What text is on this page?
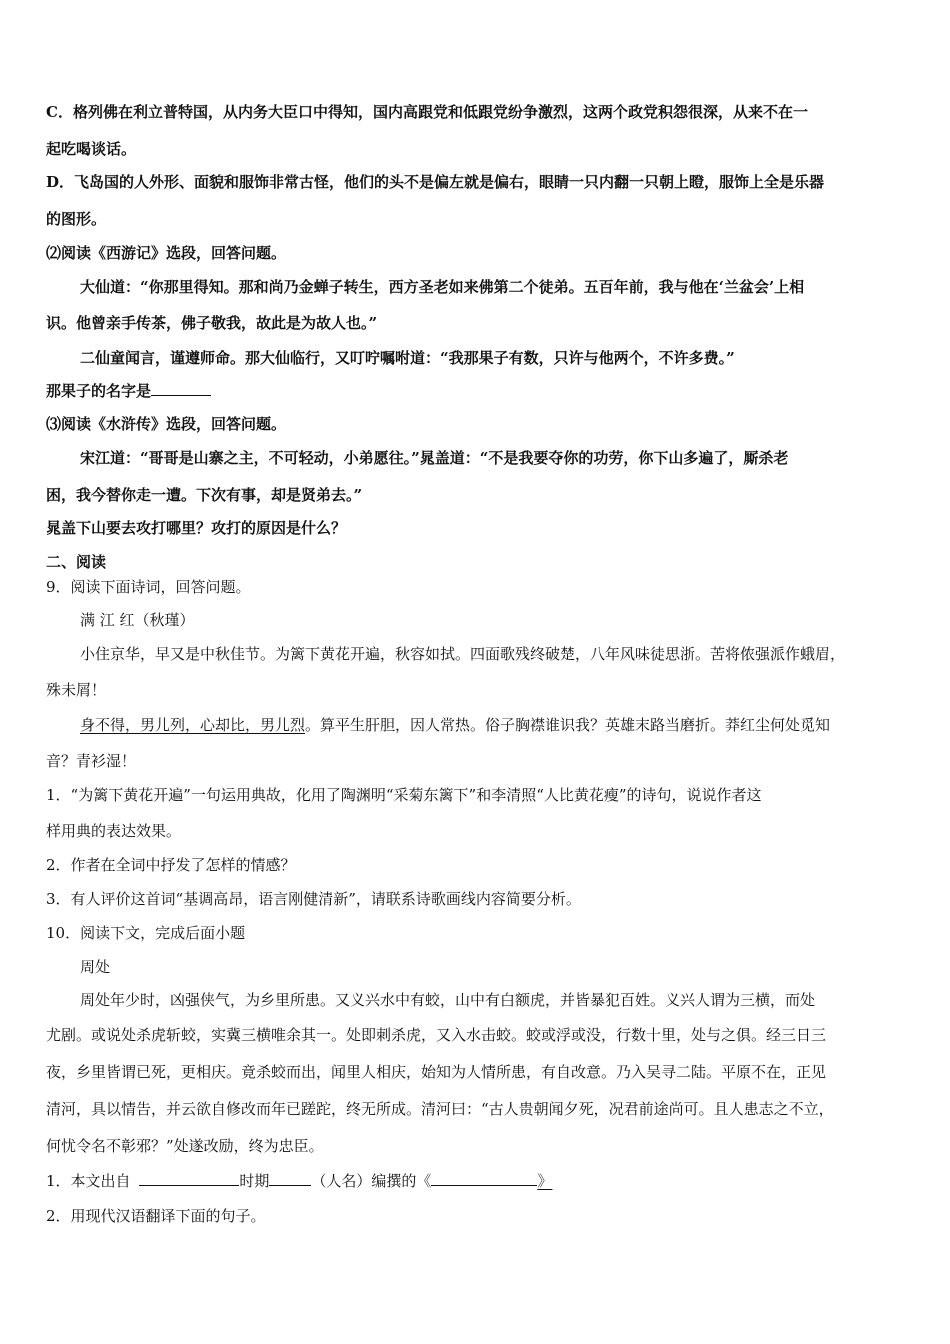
C．格列佛在利立普特国，从内务大臣口中得知，国内高跟党和低跟党纷争激烈，这两个政党积怨很深，从来不在一
起吃喝谈话。
D．飞岛国的人外形、面貌和服饰非常古怪，他们的头不是偏左就是偏右，眼睛一只内翻一只朝上瞪，服饰上全是乐器
的图形。
⑵阅读《西游记》选段，回答问题。
大仙道：“你那里得知。那和尚乃金蝉子转生，西方圣老如来佛第二个徒弟。五百年前，我与他在‘兰盆会’上相
识。他曾亲手传茶，佛子敬我，故此是为故人也。”
二仙童闻言，谨遵师命。那大仙临行，又叮咛嘱咐道：“我那果子有数，只许与他两个，不许多费。”
那果子的名字是
⑶阅读《水浒传》选段，回答问题。
宋江道：“哥哥是山寨之主，不可轻动，小弟愿往。”晁盖道：“不是我要夺你的功劳，你下山多遍了，厮杀老
困，我今替你走一遭。下次有事，却是贤弟去。”
晁盖下山要去攻打哪里？攻打的原因是什么？
二、阅读
9．阅读下面诗词，回答问题。
满 江 红（秋瑾）
小住京华，早又是中秋佳节。为篱下黄花开遍，秋容如拭。四面歌残终破楚，八年风味徒思浙。苦将侬强派作蛾眉，
殊未屑！
身不得，男儿列，心却比，男儿烈。算平生肝胆，因人常热。俗子胸襟谁识我？英雄末路当磨折。莽红尘何处觅知
音？青衫湿！
1．“为篱下黄花开遍”一句运用典故，化用了陶渊明“采菊东篱下”和李清照“人比黄花瘦”的诗句，说说作者这
样用典的表达效果。
2．作者在全词中抒发了怎样的情感？
3．有人评价这首词“基调高昂，语言刚健清新”，请联系诗歌画线内容简要分析。
10．阅读下文，完成后面小题
周处
周处年少时，凶强侠气，为乡里所患。又义兴水中有蛟，山中有白额虎，并皆暴犯百姓。义兴人谓为三横，而处
尤剧。或说处杀虎斩蛟，实冀三横唯余其一。处即刺杀虎，又入水击蛟。蛟或浮或没，行数十里，处与之俱。经三日三
夜，乡里皆谓已死，更相庆。竟杀蛟而出，闻里人相庆，始知为人情所患，有自改意。乃入吴寻二陆。平原不在，正见
清河，具以情告，并云欲自修改而年已蹉跎，终无所成。清河曰：“古人贵朝闻夕死，况君前途尚可。且人患志之不立，
何忧令名不彰邪？”处遂改励，终为忠臣。
1．本文出自	时期	（人名）编撰的《	》
2．用现代汉语翻译下面的句子。
